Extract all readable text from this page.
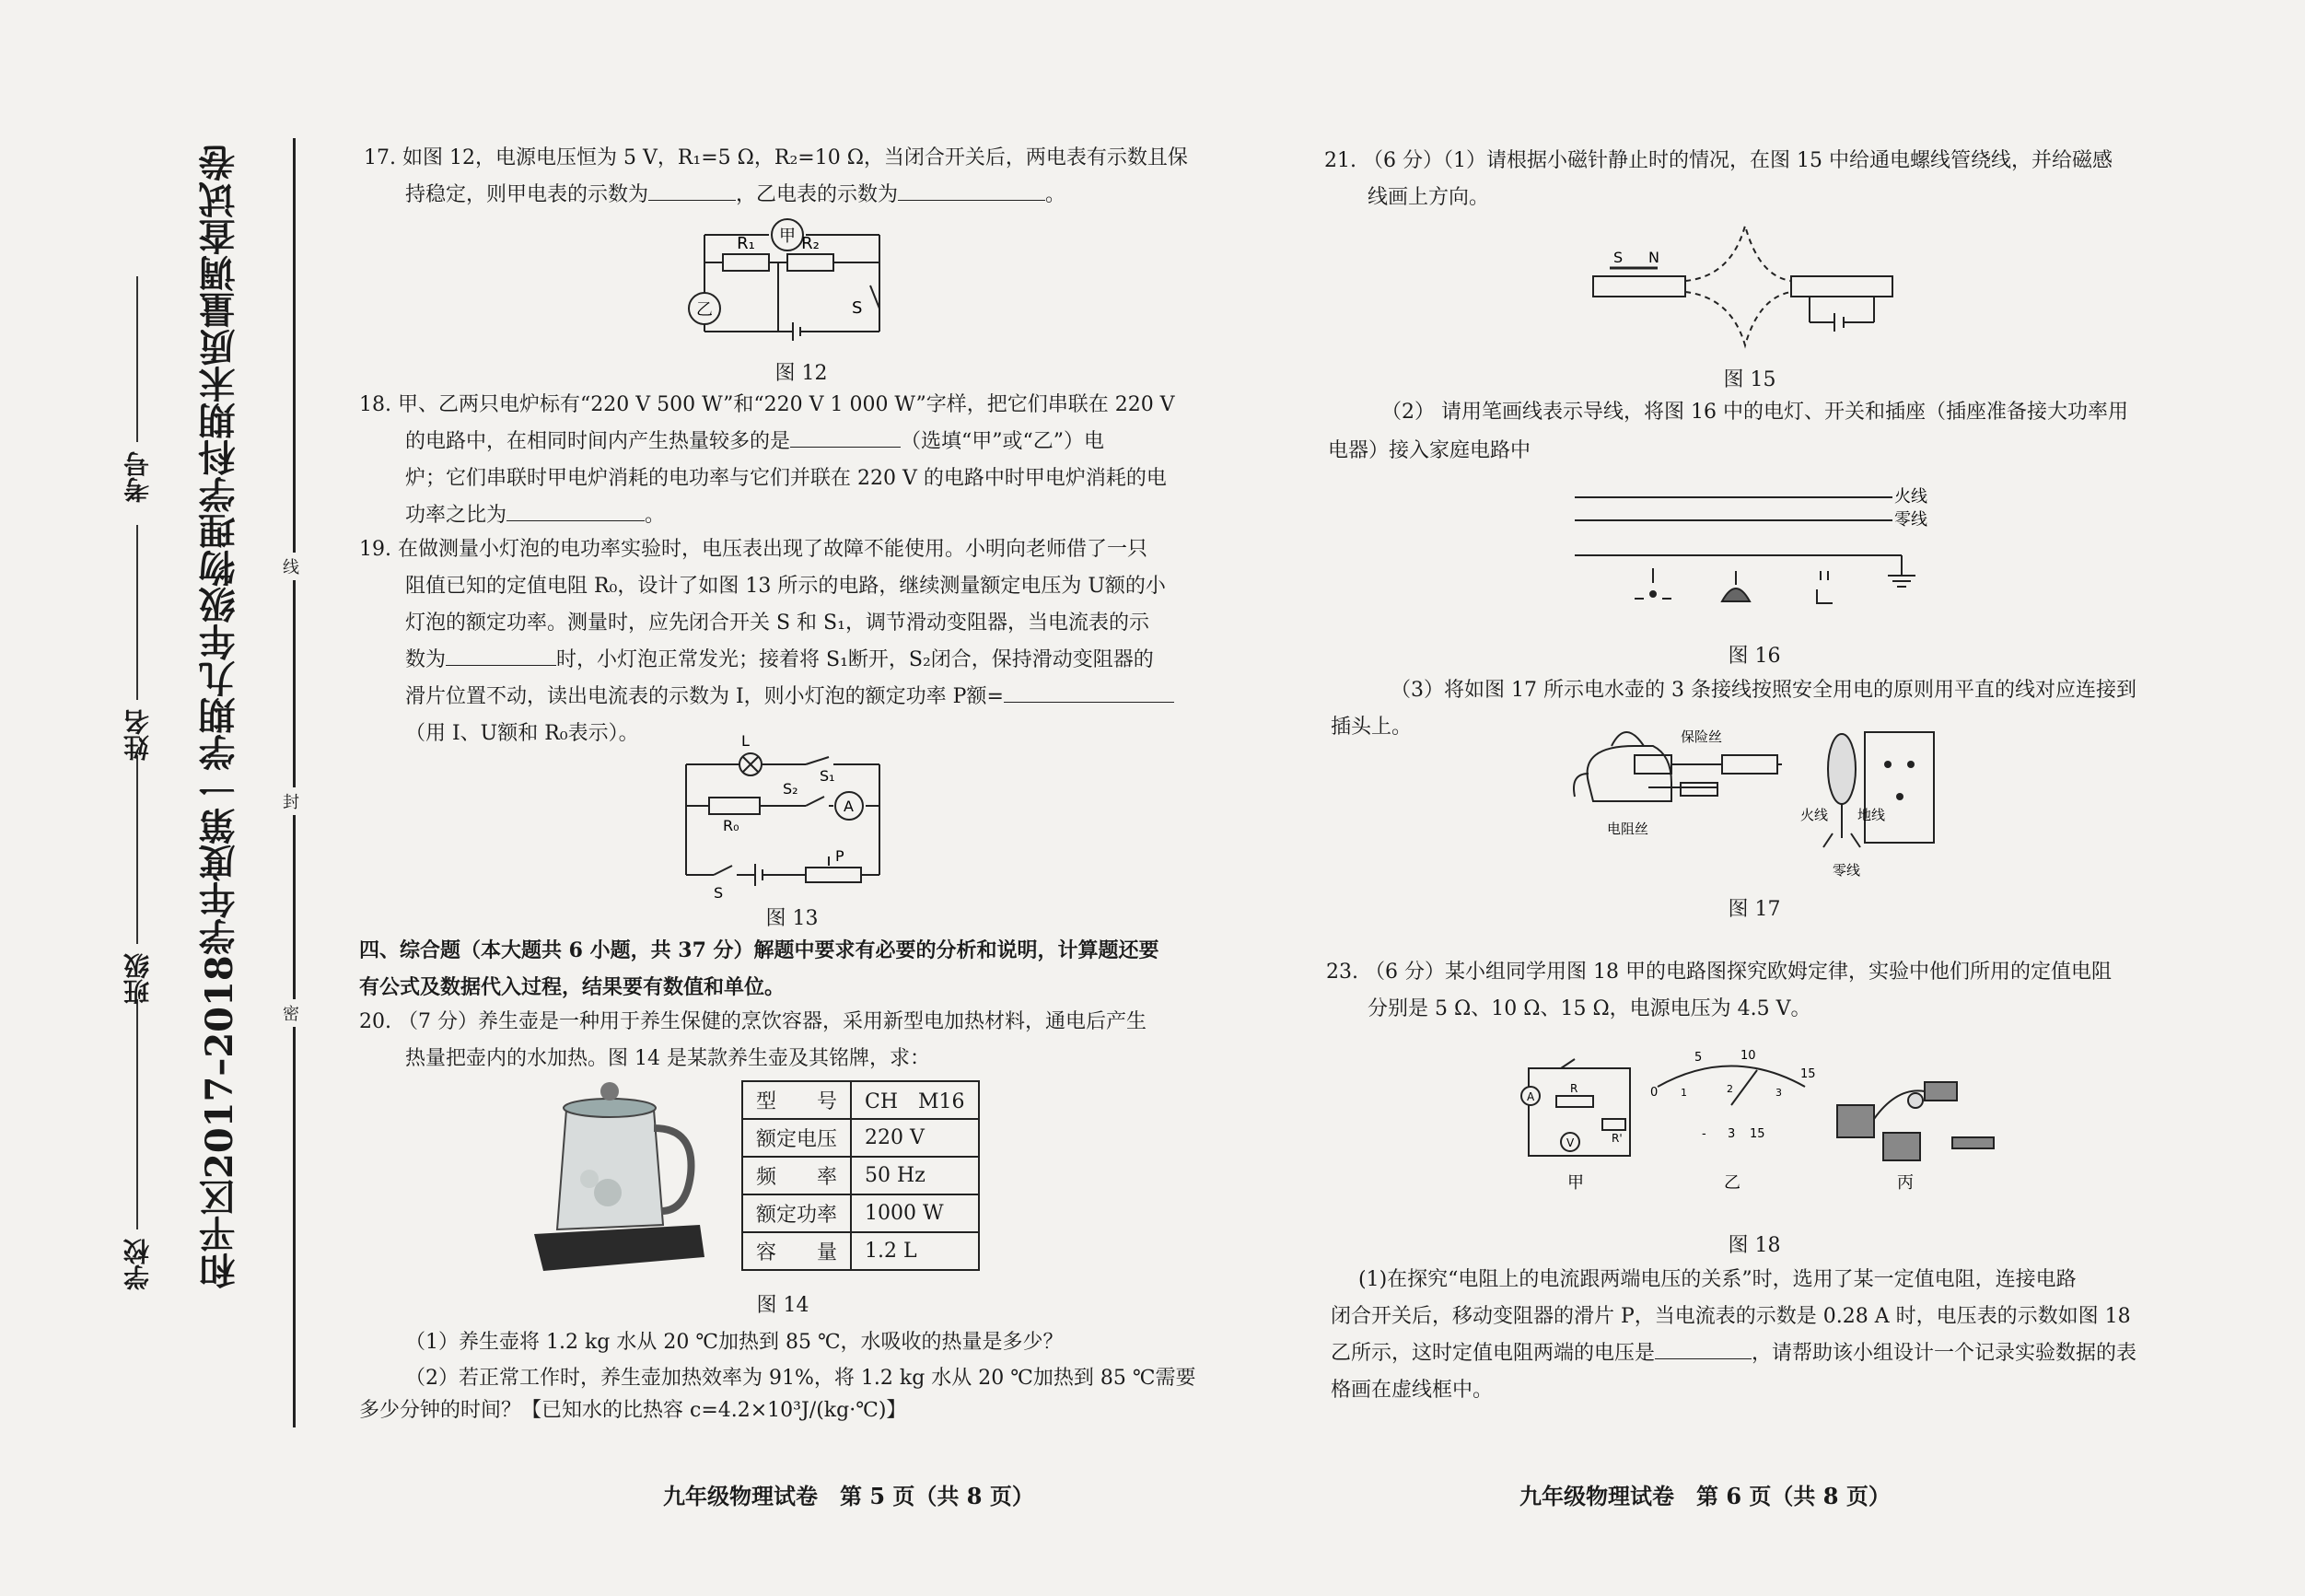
和平区2017–2018学年度第一学期九年级物理学科期末质量调查试卷
学校
班级
姓名
考号
线
封
密
17. 如图 12，电源电压恒为 5 V，R₁=5 Ω，R₂=10 Ω，当闭合开关后，两电表有示数且保
持稳定，则甲电表的示数为	，乙电表的示数为	。
甲
R₁	R₂
乙	S
图 12
18. 甲、乙两只电炉标有“220 V 500 W”和“220 V 1 000 W”字样，把它们串联在 220 V
的电路中，在相同时间内产生热量较多的是	（选填“甲”或“乙”）电
炉；它们串联时甲电炉消耗的电功率与它们并联在 220 V 的电路中时甲电炉消耗的电
功率之比为	。
19. 在做测量小灯泡的电功率实验时，电压表出现了故障不能使用。小明向老师借了一只
阻值已知的定值电阻 R₀，设计了如图 13 所示的电路，继续测量额定电压为 U额的小
灯泡的额定功率。测量时，应先闭合开关 S 和 S₁，调节滑动变阻器，当电流表的示
数为	时，小灯泡正常发光；接着将 S₁断开，S₂闭合，保持滑动变阻器的
滑片位置不动，读出电流表的示数为 I，则小灯泡的额定功率 P额=
（用 I、U额和 R₀表示）。	L
S₁
S₂
A
R₀
S
P
图 13
四、综合题（本大题共 6 小题，共 37 分）解题中要求有必要的分析和说明，计算题还要
有公式及数据代入过程，结果要有数值和单位。
20. （7 分）养生壶是一种用于养生保健的烹饮容器，采用新型电加热材料，通电后产生
热量把壶内的水加热。图 14 是某款养生壶及其铭牌，求：
型　　号	CH　M16
额定电压	220 V
频　　率	50 Hz
额定功率	1000 W
容　　量	1.2 L
图 14
（1）养生壶将 1.2 kg 水从 20 ℃加热到 85 ℃，水吸收的热量是多少？
（2）若正常工作时，养生壶加热效率为 91%，将 1.2 kg 水从 20 ℃加热到 85 ℃需要
多少分钟的时间？【已知水的比热容 c=4.2×10³J/(kg·℃)】
九年级物理试卷　第 5 页（共 8 页）
21. （6 分）（1）请根据小磁针静止时的情况，在图 15 中给通电螺线管绕线，并给磁感
线画上方向。
S N
图 15
（2） 请用笔画线表示导线，将图 16 中的电灯、开关和插座（插座准备接大功率用
电器）接入家庭电路中
火线
零线
图 16
（3）将如图 17 所示电水壶的 3 条接线按照安全用电的原则用平直的线对应连接到
插头上。	保险丝
电阻丝
火线 地线
零线
图 17
23. （6 分）某小组同学用图 18 甲的电路图探究欧姆定律，实验中他们所用的定值电阻
分别是 5 Ω、10 Ω、15 Ω，电源电压为 4.5 V。
A
V
R
R'
甲
0
5	10
15
1	2	3
- 3 15
乙	丙
图 18
(1)在探究“电阻上的电流跟两端电压的关系”时，选用了某一定值电阻，连接电路
闭合开关后，移动变阻器的滑片 P，当电流表的示数是 0.28 A 时，电压表的示数如图 18
乙所示，这时定值电阻两端的电压是	，请帮助该小组设计一个记录实验数据的表
格画在虚线框中。
九年级物理试卷　第 6 页（共 8 页）
